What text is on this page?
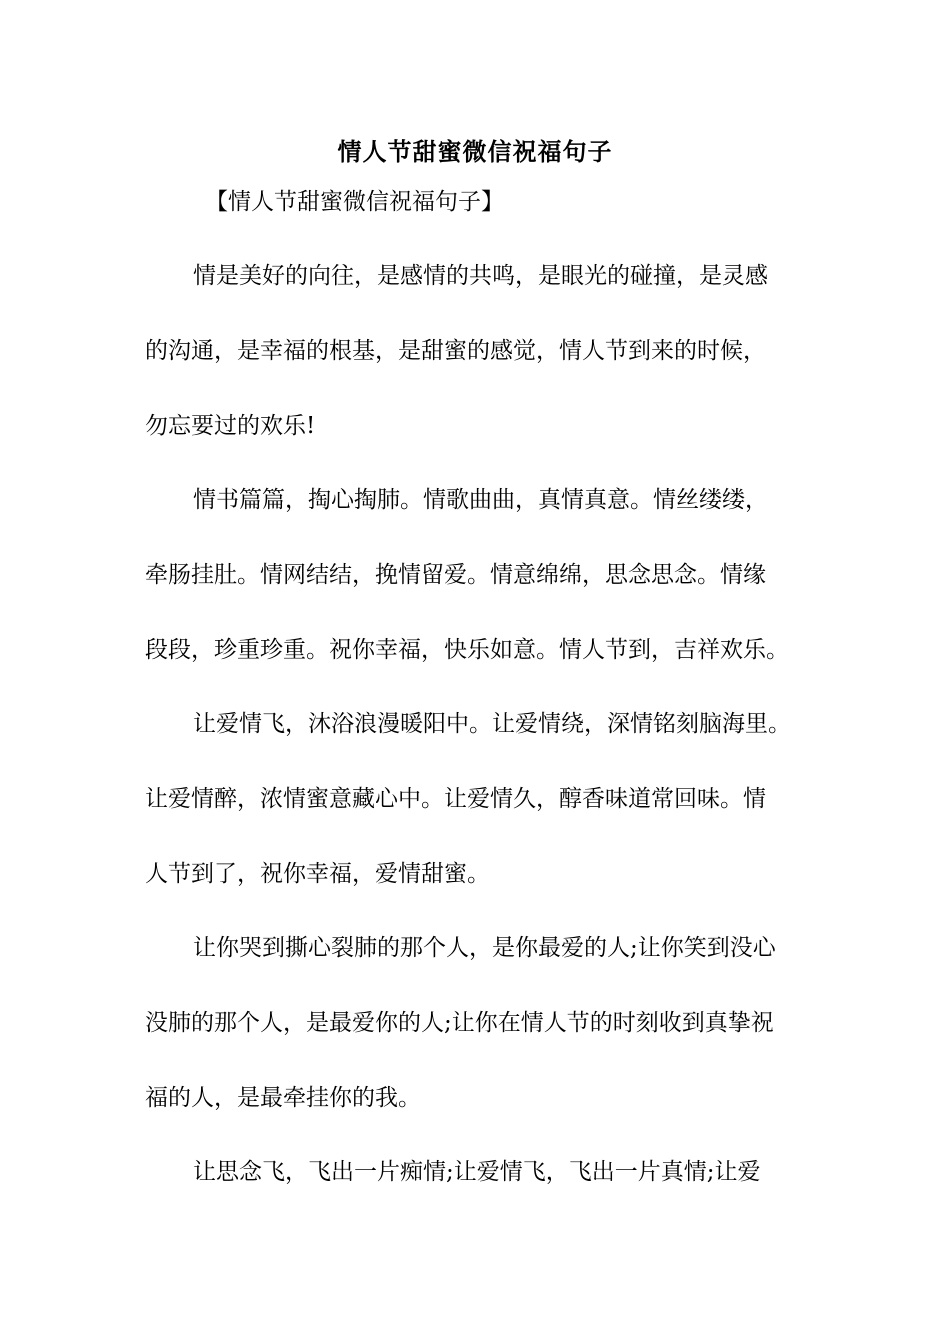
情人节甜蜜微信祝福句子
【情人节甜蜜微信祝福句子】
情是美好的向往，是感情的共鸣，是眼光的碰撞，是灵感
的沟通，是幸福的根基，是甜蜜的感觉，情人节到来的时候，
勿忘要过的欢乐!
情书篇篇，掏心掏肺。情歌曲曲，真情真意。情丝缕缕，
牵肠挂肚。情网结结，挽情留爱。情意绵绵，思念思念。情缘
段段，珍重珍重。祝你幸福，快乐如意。情人节到，吉祥欢乐。
让爱情飞，沐浴浪漫暖阳中。让爱情绕，深情铭刻脑海里。
让爱情醉，浓情蜜意藏心中。让爱情久，醇香味道常回味。情
人节到了，祝你幸福，爱情甜蜜。
让你哭到撕心裂肺的那个人，是你最爱的人;让你笑到没心
没肺的那个人，是最爱你的人;让你在情人节的时刻收到真挚祝
福的人，是最牵挂你的我。
让思念飞，飞出一片痴情;让爱情飞，飞出一片真情;让爱
